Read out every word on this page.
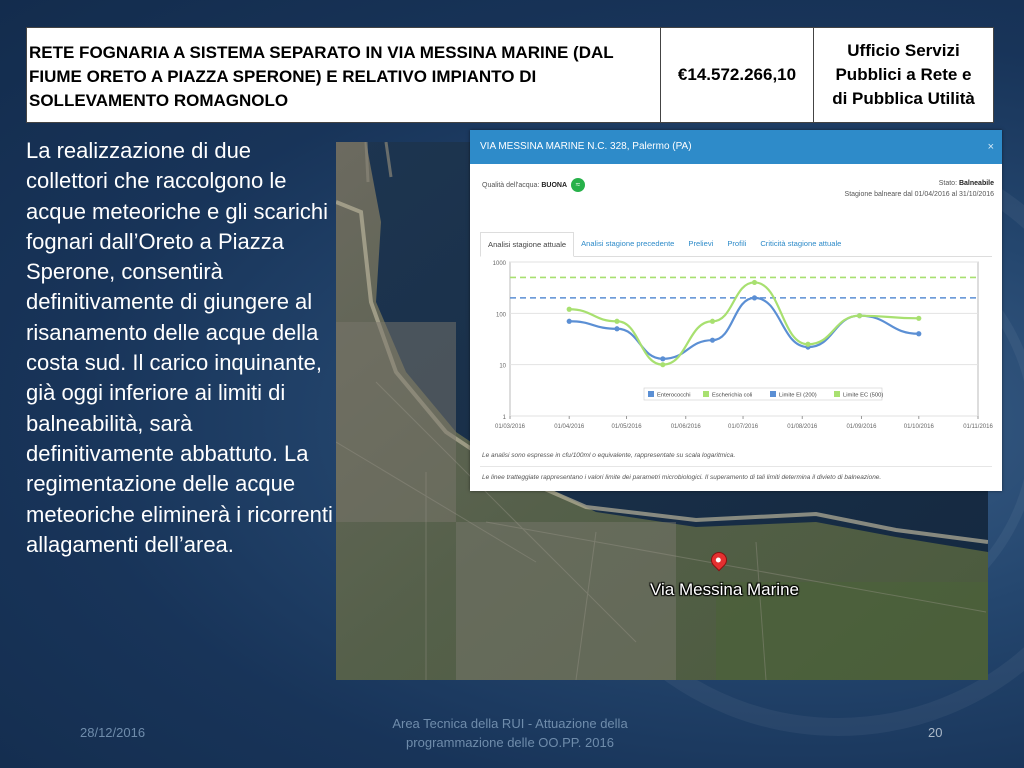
RETE FOGNARIA A SISTEMA SEPARATO IN VIA MESSINA MARINE (DAL FIUME ORETO A PIAZZA SPERONE) E RELATIVO IMPIANTO DI SOLLEVAMENTO ROMAGNOLO
€14.572.266,10
Ufficio Servizi
Pubblici a Rete e
di Pubblica Utilità
La realizzazione di due collettori che raccolgono le acque meteoriche e gli scarichi fognari dall’Oreto a Piazza Sperone, consentirà definitivamente di giungere al risanamento delle acque della costa sud. Il carico inquinante, già oggi inferiore ai limiti di balneabilità, sarà definitivamente abbattuto. La regimentazione delle acque meteoriche eliminerà i ricorrenti allagamenti dell’area.
Via Messina Marine
VIA MESSINA MARINE N.C. 328, Palermo (PA)	×
Qualità dell'acqua: BUONA ≈	Stato: Balneabile
Stagione balneare dal 01/04/2016 al 31/10/2016
Analisi stagione attuale	Analisi stagione precedente	Prelievi	Profili	Criticità stagione attuale
1
10
100
1000
01/03/2016	01/04/2016	01/05/2016	01/06/2016	01/07/2016	01/08/2016	01/09/2016	01/10/2016	01/11/2016
Enterococchi	Escherichia coli	Limite EI (200)	Limite EC (500)
Le analisi sono espresse in cfu/100ml o equivalente, rappresentate su scala logaritmica.
Le linee tratteggiate rappresentano i valori limite dei parametri microbiologici. Il superamento di tali limiti determina il divieto di balneazione.
28/12/2016
Area Tecnica della RUI - Attuazione della
programmazione delle OO.PP. 2016
20
